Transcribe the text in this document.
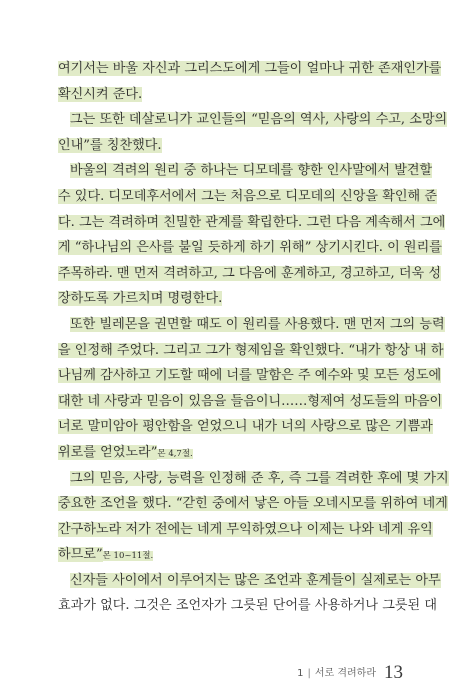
여기서는 바울 자신과 그리스도에게 그들이 얼마나 귀한 존재인가를
확신시켜 준다.
그는 또한 데살로니가 교인들의 “믿음의 역사, 사랑의 수고, 소망의
인내”를 칭찬했다.
바울의 격려의 원리 중 하나는 디모데를 향한 인사말에서 발견할
수 있다. 디모데후서에서 그는 처음으로 디모데의 신앙을 확인해 준
다. 그는 격려하며 친밀한 관계를 확립한다. 그런 다음 계속해서 그에
게 “하나님의 은사를 불일 듯하게 하기 위해” 상기시킨다. 이 원리를
주목하라. 맨 먼저 격려하고, 그 다음에 훈계하고, 경고하고, 더욱 성
장하도록 가르치며 명령한다.
또한 빌레몬을 권면할 때도 이 원리를 사용했다. 맨 먼저 그의 능력
을 인정해 주었다. 그리고 그가 형제임을 확인했다. “내가 항상 내 하
나님께 감사하고 기도할 때에 너를 말함은 주 예수와 및 모든 성도에
대한 네 사랑과 믿음이 있음을 들음이니……형제여 성도들의 마음이
너로 말미암아 평안함을 얻었으니 내가 너의 사랑으로 많은 기쁨과
위로를 얻었노라”몬 4,7절.
그의 믿음, 사랑, 능력을 인정해 준 후, 즉 그를 격려한 후에 몇 가지
중요한 조언을 했다. “갇힌 중에서 낳은 아들 오네시모를 위하여 네게
간구하노라 저가 전에는 네게 무익하였으나 이제는 나와 네게 유익
하므로”몬 10~11절.
신자들 사이에서 이루어지는 많은 조언과 훈계들이 실제로는 아무
효과가 없다. 그것은 조언자가 그릇된 단어를 사용하거나 그릇된 대
1 | 서로 격려하라 13
